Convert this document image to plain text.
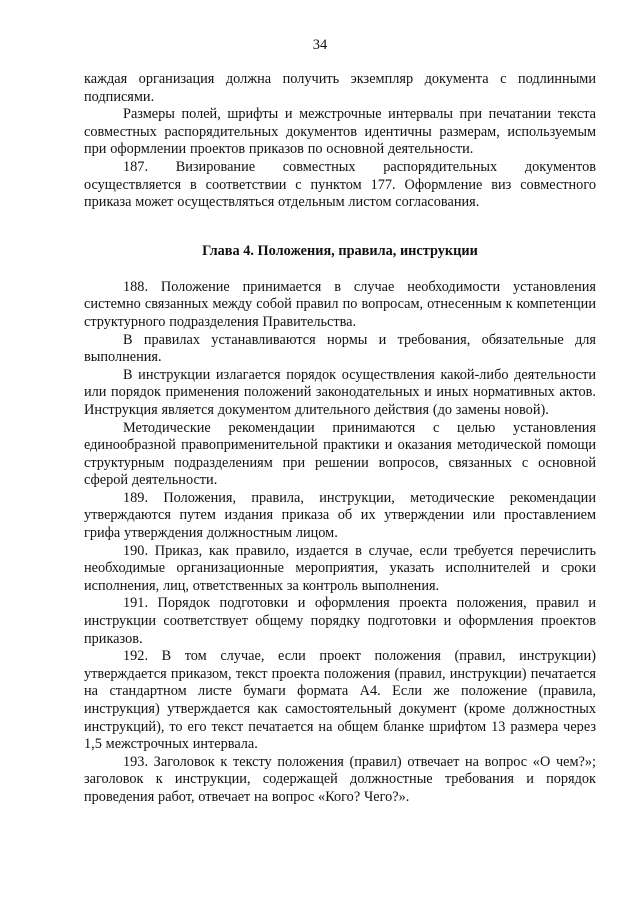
34

каждая организация должна получить экземпляр документа с подлинными подписями.

Размеры полей, шрифты и межстрочные интервалы при печатании текста совместных распорядительных документов идентичны размерам, используемым при оформлении проектов приказов по основной деятельности.

187. Визирование совместных распорядительных документов осуществляется в соответствии с пунктом 177. Оформление виз совместного приказа может осуществляться отдельным листом согласования.

Глава 4. Положения, правила, инструкции

188. Положение принимается в случае необходимости установления системно связанных между собой правил по вопросам, отнесенным к компетенции структурного подразделения Правительства.

В правилах устанавливаются нормы и требования, обязательные для выполнения.

В инструкции излагается порядок осуществления какой-либо деятельности или порядок применения положений законодательных и иных нормативных актов. Инструкция является документом длительного действия (до замены новой).

Методические рекомендации принимаются с целью установления единообразной правоприменительной практики и оказания методической помощи структурным подразделениям при решении вопросов, связанных с основной сферой деятельности.

189. Положения, правила, инструкции, методические рекомендации утверждаются путем издания приказа об их утверждении или проставлением грифа утверждения должностным лицом.

190. Приказ, как правило, издается в случае, если требуется перечислить необходимые организационные мероприятия, указать исполнителей и сроки исполнения, лиц, ответственных за контроль выполнения.

191. Порядок подготовки и оформления проекта положения, правил и инструкции соответствует общему порядку подготовки и оформления проектов приказов.

192. В том случае, если проект положения (правил, инструкции) утверждается приказом, текст проекта положения (правил, инструкции) печатается на стандартном листе бумаги формата А4. Если же положение (правила, инструкция) утверждается как самостоятельный документ (кроме должностных инструкций), то его текст печатается на общем бланке шрифтом 13 размера через 1,5 межстрочных интервала.

193. Заголовок к тексту положения (правил) отвечает на вопрос «О чем?»; заголовок к инструкции, содержащей должностные требования и порядок проведения работ, отвечает на вопрос «Кого? Чего?».
